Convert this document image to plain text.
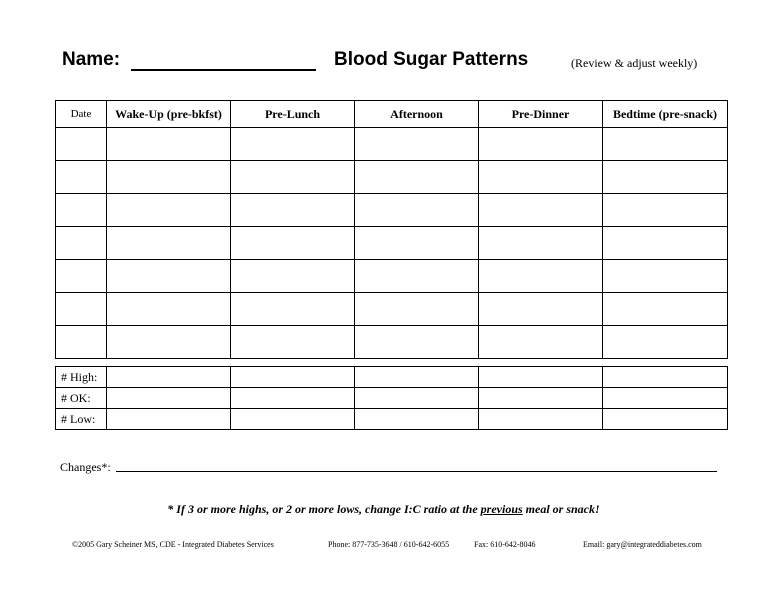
Name:	Blood Sugar Patterns	(Review & adjust weekly)
Date	Wake-Up (pre-bkfst)	Pre-Lunch	Afternoon	Pre-Dinner	Bedtime (pre-snack)

# High:					
# OK:					
# Low:					
Changes*:
* If 3 or more highs, or 2 or more lows, change I:C ratio at the previous meal or snack!
©2005 Gary Scheiner MS, CDE - Integrated Diabetes Services	Phone: 877-735-3648 / 610-642-6055	Fax: 610-642-8046	Email: gary@integrateddiabetes.com
